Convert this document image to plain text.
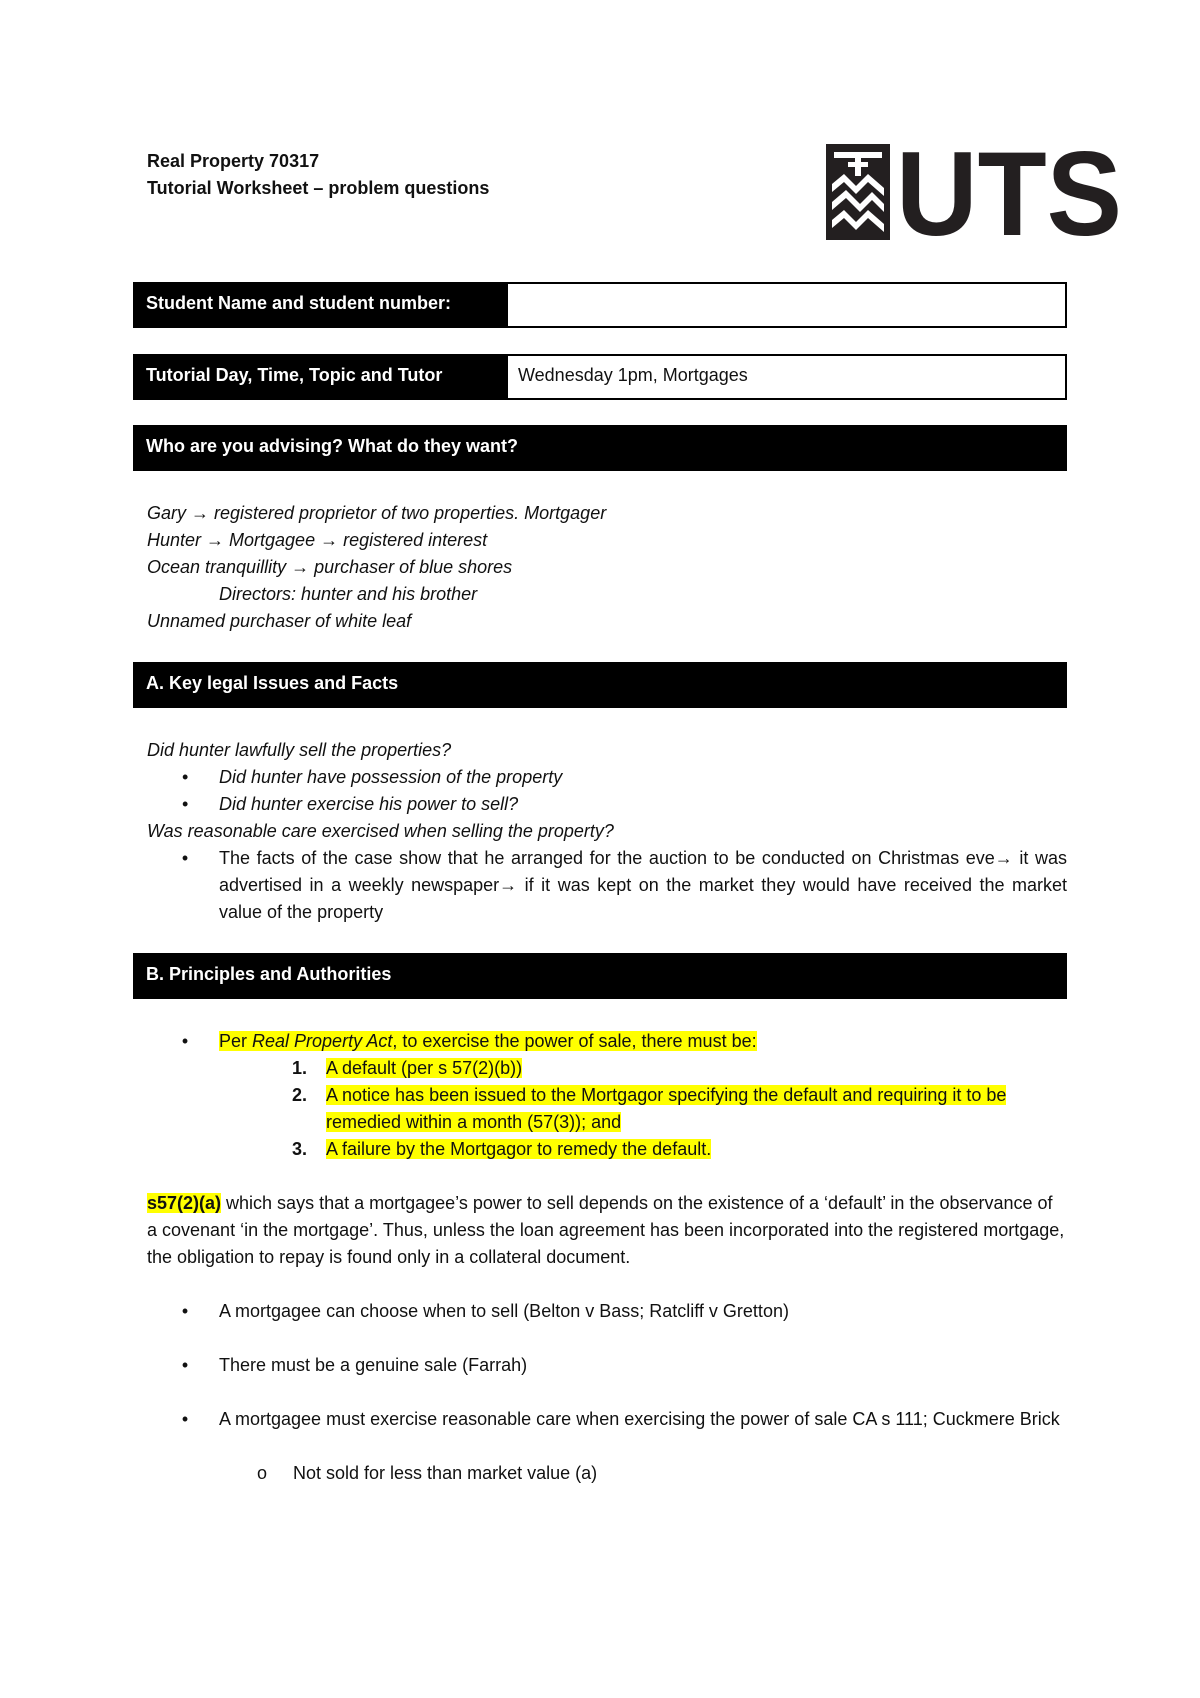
Real Property 70317
Tutorial Worksheet – problem questions	UTS
Student Name and student number:
Tutorial Day, Time, Topic and Tutor	Wednesday 1pm, Mortgages
Who are you advising? What do they want?
Gary → registered proprietor of two properties. Mortgager
Hunter → Mortgagee → registered interest
Ocean tranquillity → purchaser of blue shores
Directors: hunter and his brother
Unnamed purchaser of white leaf
A. Key legal Issues and Facts
Did hunter lawfully sell the properties?
•	Did hunter have possession of the property
•	Did hunter exercise his power to sell?
Was reasonable care exercised when selling the property?
•	The facts of the case show that he arranged for the auction to be conducted on Christmas eve→ it was advertised in a weekly newspaper→ if it was kept on the market they would have received the market value of the property
B. Principles and Authorities
•	Per Real Property Act, to exercise the power of sale, there must be:
1.	A default (per s 57(2)(b))
2.	A notice has been issued to the Mortgagor specifying the default and requiring it to be remedied within a month (57(3)); and
3.	A failure by the Mortgagor to remedy the default.
s57(2)(a) which says that a mortgagee’s power to sell depends on the existence of a ‘default’ in the observance of a covenant ‘in the mortgage’. Thus, unless the loan agreement has been incorporated into the registered mortgage, the obligation to repay is found only in a collateral document.
•	A mortgagee can choose when to sell (Belton v Bass; Ratcliff v Gretton)
•	There must be a genuine sale (Farrah)
•	A mortgagee must exercise reasonable care when exercising the power of sale CA s 111; Cuckmere Brick
o	Not sold for less than market value (a)
